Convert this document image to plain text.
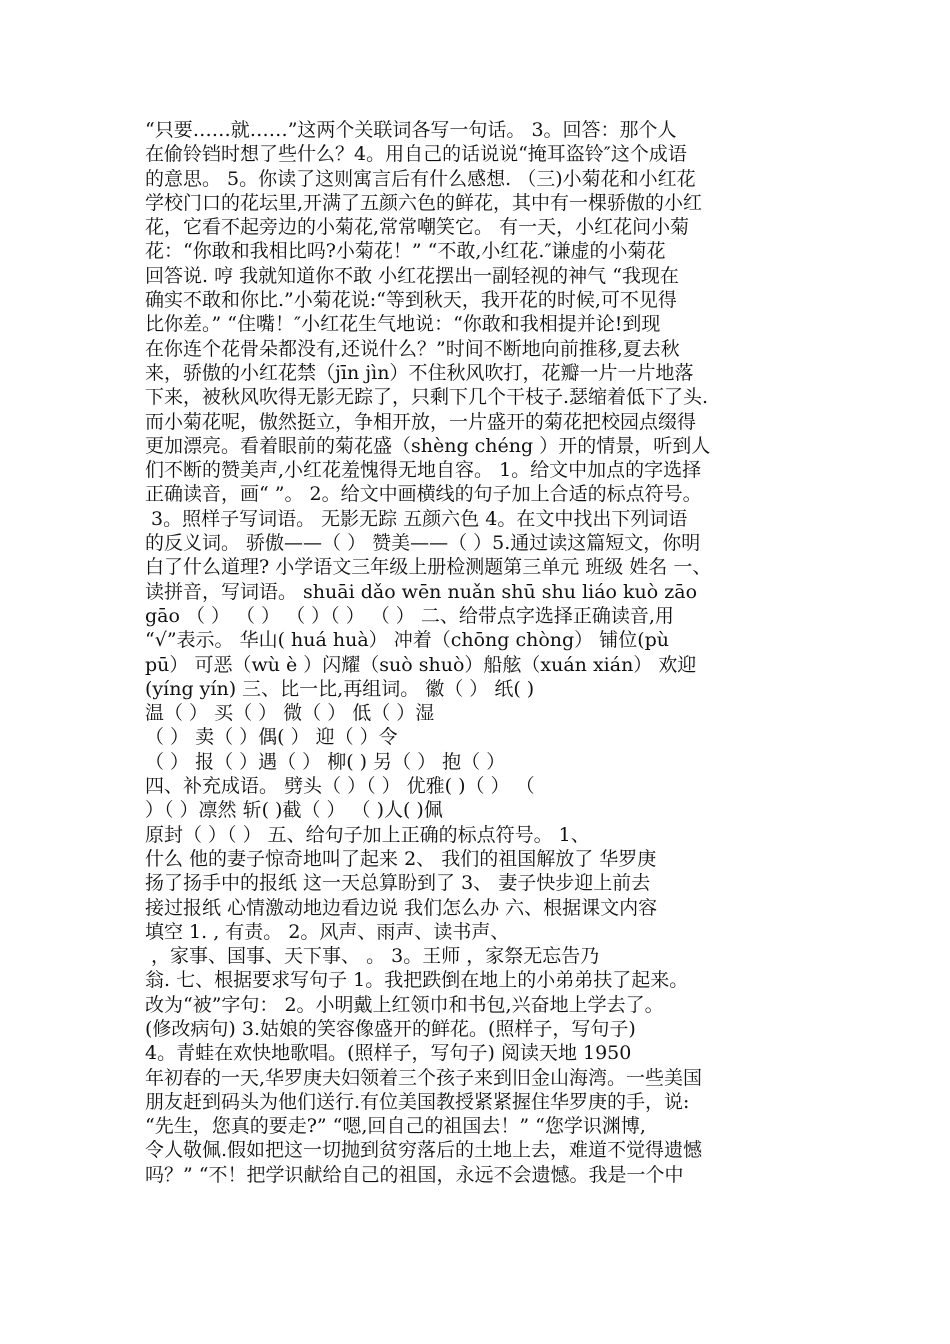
“只要……就……”这两个关联词各写一句话。 3。回答：那个人
在偷铃铛时想了些什么？4。用自己的话说说“掩耳盗铃″这个成语
的意思。 5。你读了这则寓言后有什么感想. （三)小菊花和小红花
学校门口的花坛里,开满了五颜六色的鲜花，其中有一棵骄傲的小红
花，它看不起旁边的小菊花,常常嘲笑它。 有一天，小红花问小菊
花：“你敢和我相比吗?小菊花！” “不敢,小红花.″谦虚的小菊花
回答说. 哼 我就知道你不敢 小红花摆出一副轻视的神气 “我现在
确实不敢和你比.”小菊花说:“等到秋天，我开花的时候,可不见得
比你差。” “住嘴！″小红花生气地说：“你敢和我相提并论!到现
在你连个花骨朵都没有,还说什么？”时间不断地向前推移,夏去秋
来，骄傲的小红花禁（jīn jìn）不住秋风吹打，花瓣一片一片地落
下来，被秋风吹得无影无踪了，只剩下几个干枝子.瑟缩着低下了头.
而小菊花呢，傲然挺立，争相开放，一片盛开的菊花把校园点缀得
更加漂亮。看着眼前的菊花盛（shèng chéng ）开的情景，听到人
们不断的赞美声,小红花羞愧得无地自容。 1。给文中加点的字选择
正确读音，画“ ”。 2。给文中画横线的句子加上合适的标点符号。
3。照样子写词语。 无影无踪 五颜六色 4。在文中找出下列词语
的反义词。 骄傲——（ ） 赞美——（ ）5.通过读这篇短文，你明
白了什么道理? 小学语文三年级上册检测题第三单元 班级 姓名 一、
读拼音，写词语。 shuāi dǎo wēn nuǎn shū shu liáo kuò zāo
gāo （ ） （ ） （ ）（ ） （ ） 二、给带点字选择正确读音,用
“√”表示。 华山( huá huà） 冲着（chōng chòng） 铺位(pù
pū） 可恶（wù è ）闪耀（suò shuò）船舷（xuán xián） 欢迎
(yíng yín) 三、比一比,再组词。 徽（ ） 纸( )
温（ ） 买（ ） 微（ ） 低（ ）湿
（ ） 卖（ ）偶( ） 迎（ ）令
（ ） 报（ ）遇（ ） 柳( ) 另（ ） 抱（ ）
四、补充成语。 劈头（ ）（ ） 优雅( )（ ） （
）（ ）凛然 斩( )截（ ） （ )人( )佩
原封（ ）（ ） 五、给句子加上正确的标点符号。 1、
什么 他的妻子惊奇地叫了起来 2、 我们的祖国解放了 华罗庚
扬了扬手中的报纸 这一天总算盼到了 3、 妻子快步迎上前去
接过报纸 心情激动地边看边说 我们怎么办 六、根据课文内容
填空 1. , 有责。 2。风声、雨声、读书声、
，家事、国事、天下事、 。 3。王师 ，家祭无忘告乃
翁. 七、根据要求写句子 1。我把跌倒在地上的小弟弟扶了起来。
改为“被”字句： 2。小明戴上红领巾和书包,兴奋地上学去了。
(修改病句) 3.姑娘的笑容像盛开的鲜花。(照样子，写句子)
4。青蛙在欢快地歌唱。(照样子，写句子) 阅读天地 1950
年初春的一天,华罗庚夫妇领着三个孩子来到旧金山海湾。一些美国
朋友赶到码头为他们送行.有位美国教授紧紧握住华罗庚的手，说:
“先生，您真的要走?” “嗯,回自己的祖国去！” “您学识渊博,
令人敬佩.假如把这一切抛到贫穷落后的土地上去，难道不觉得遗憾
吗？” “不！把学识献给自己的祖国，永远不会遗憾。我是一个中
